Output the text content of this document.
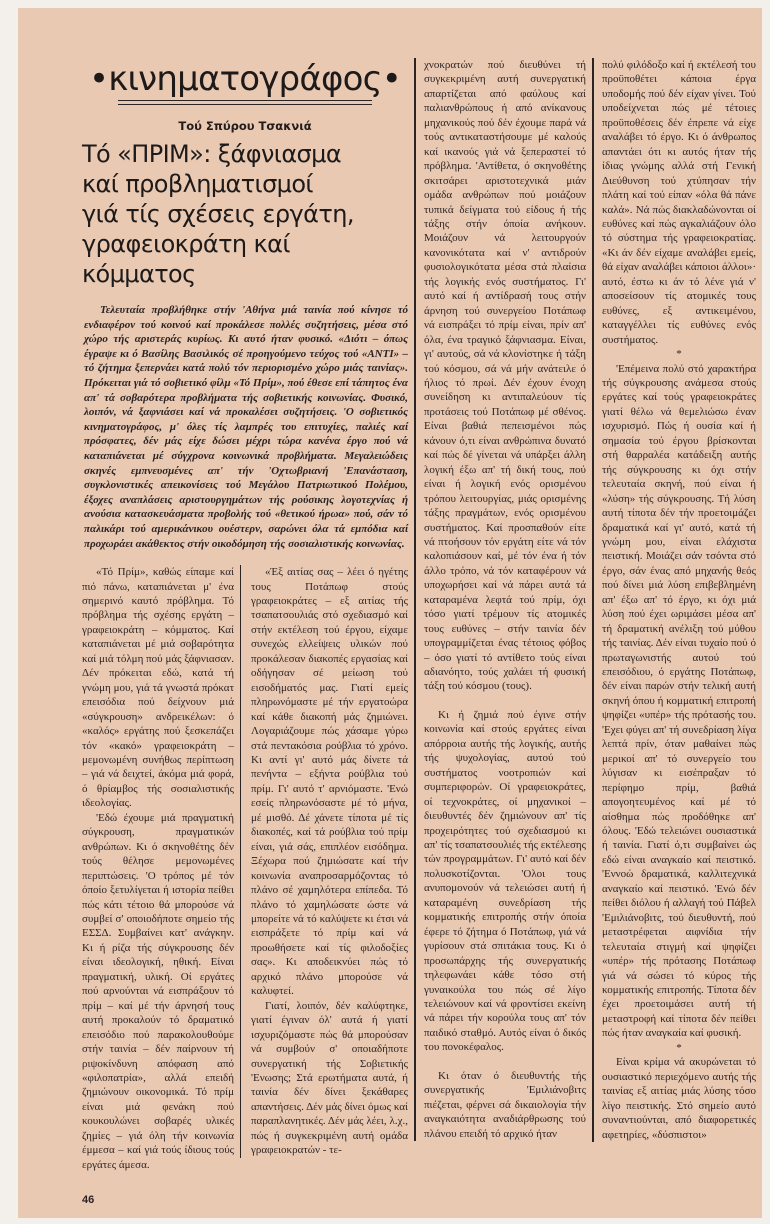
•κινηματογράφος•
Τού Σπύρου Τσακνιά
Τό «ΠΡΙΜ»: ξάφνιασμα
καί προβληματισμοί
γιά τίς σχέσεις εργάτη,
γραφειοκράτη καί κόμματος
Τελευταία προβλήθηκε στήν 'Αθήνα μιά ταινία πού κίνησε τό ενδιαφέρον τού κοινού καί προκάλεσε πολλές συζητήσεις, μέσα στό χώρο τής αριστεράς κυρίως. Κι αυτό ήταν φυσικό. «Διότι – όπως έγραψε κι ό Βασίλης Βασιλικός σέ προηγούμενο τεύχος τού «ΑΝΤΙ» – τό ζήτημα ξεπερνάει κατά πολύ τόν περιορισμένο χώρο μιάς ταινίας». Πρόκειται γιά τό σοβιετικό φίλμ «Τό Πρίμ», πού έθεσε επί τάπητος ένα απ' τά σοβαρότερα προβλήματα τής σοβιετικής κοινωνίας. Φυσικό, λοιπόν, νά ξαφνιάσει καί νά προκαλέσει συζητήσεις. 'Ο σοβιετικός κινηματογράφος, μ' όλες τίς λαμπρές του επιτυχίες, παλιές καί πρόσφατες, δέν μάς είχε δώσει μέχρι τώρα κανένα έργο πού νά καταπιάνεται μέ σύγχρονα κοινωνικά προβλήματα. Μεγαλειώδεις σκηνές εμπνευσμένες απ' τήν 'Οχτωβριανή 'Επανάσταση, συγκλονιστικές απεικονίσεις τού Μεγάλου Πατριωτικού Πολέμου, έξοχες αναπλάσεις αριστουργημάτων τής ρούσικης λογοτεχνίας ή ανούσια κατασκευάσματα προβολής τού «θετικού ήρωα» πού, σάν τό παλικάρι τού αμερικάνικου ουέστερν, σαρώνει όλα τά εμπόδια καί προχωράει ακάθεκτος στήν οικοδόμηση τής σοσιαλιστικής κοινωνίας.

«Τό Πρίμ», καθώς είπαμε καί πιό πάνω, καταπιάνεται μ' ένα σημερινό καυτό πρόβλημα. Τό πρόβλημα τής σχέσης εργάτη – γραφειοκράτη – κόμματος. Καί καταπιάνεται μέ μιά σοβαρότητα καί μιά τόλμη πού μάς ξάφνιασαν. Δέν πρόκειται εδώ, κατά τή γνώμη μου, γιά τά γνωστά πρόκατ επεισόδια πού δείχνουν μιά «σύγκρουση» ανδρεικέλων: ό «καλός» εργάτης πού ξεσκεπάζει τόν «κακό» γραφειοκράτη – μεμονωμένη συνήθως περίπτωση – γιά νά δειχτεί, άκόμα μιά φορά, ό θρίαμβος τής σοσιαλιστικής ιδεολογίας.

'Εδώ έχουμε μιά πραγματική σύγκρουση, πραγματικών ανθρώπων. Κι ό σκηνοθέτης δέν τούς θέλησε μεμονωμένες περιπτώσεις. 'Ο τρόπος μέ τόν όποίο ξετυλίγεται ή ιστορία πείθει πώς κάτι τέτοιο θά μπορούσε νά συμβεί σ' οποιοδήποτε σημείο τής ΕΣΣΔ. Συμβαίνει κατ' ανάγκην. Κι ή ρίζα τής σύγκρουσης δέν είναι ιδεολογική, ηθική. Είναι πραγματική, υλική. Οί εργάτες πού αρνούνται νά εισπράξουν τό πρίμ – καί μέ τήν άρνησή τους αυτή προκαλούν τό δραματικό επεισόδιο πού παρακολουθούμε στήν ταινία – δέν παίρνουν τή ριψοκίνδυνη απόφαση από «φιλοπατρία», αλλά επειδή ζημιώνουν οικονομικά. Τό πρίμ είναι μιά φενάκη πού κουκουλώνει σοβαρές υλικές ζημίες – γιά όλη τήν κοινωνία έμμεσα – καί γιά τούς ίδιους τούς εργάτες άμεσα.

«Έξ αιτίας σας – λέει ό ηγέτης τους Ποτάπωφ στούς γραφειοκράτες – εξ αιτίας τής τσαπατσουλιάς στό σχεδιασμό καί στήν εκτέλεση τού έργου, είχαμε συνεχώς ελλείψεις υλικών πού προκάλεσαν διακοπές εργασίας καί οδήγησαν σέ μείωση τού εισοδήματός μας. Γιατί εμείς πληρωνόμαστε μέ τήν εργατοώρα καί κάθε διακοπή μάς ζημιώνει. Λογαριάζουμε πώς χάσαμε γύρω στά πεντακόσια ρούβλια τό χρόνο. Κι αντί γι' αυτό μάς δίνετε τά πενήντα – εξήντα ρούβλια τού πρίμ. Γι' αυτό τ' αρνιόμαστε. 'Ενώ εσείς πληρωνόσαστε μέ τό μήνα, μέ μισθό. Δέ χάνετε τίποτα μέ τίς διακοπές, καί τά ρούβλια τού πρίμ είναι, γιά σάς, επιπλέον εισόδημα. Ξέχωρα πού ζημιώσατε καί τήν κοινωνία αναπροσαρμόζοντας τό πλάνο σέ χαμηλότερα επίπεδα. Τό πλάνο τό χαμηλώσατε ώστε νά μπορείτε νά τό καλύψετε κι έτσι νά εισπράξετε τό πρίμ καί νά προωθήσετε καί τίς φιλοδοξίες σας». Κι αποδεικνύει πώς τό αρχικό πλάνο μπορούσε νά καλυφτεί.

Γιατί, λοιπόν, δέν καλύφτηκε, γιατί έγιναν όλ' αυτά ή γιατί ισχυριζόμαστε πώς θά μπορούσαν νά συμβούν σ' οποιαδήποτε συνεργατική τής Σοβιετικής 'Ενωσης; Στά ερωτήματα αυτά, ή ταινία δέν δίνει ξεκάθαρες απαντήσεις. Δέν μάς δίνει όμως καί παραπλανητικές. Δέν μάς λέει, λ.χ., πώς ή συγκεκριμένη αυτή ομάδα γραφειοκρατών - τε-

46

χνοκρατών πού διευθύνει τή συγκεκριμένη αυτή συνεργατική απαρτίζεται από φαύλους καί παλιανθρώπους ή από ανίκανους μηχανικούς πού δέν έχουμε παρά νά τούς αντικαταστήσουμε μέ καλούς καί ικανούς γιά νά ξεπεραστεί τό πρόβλημα. 'Αντίθετα, ό σκηνοθέτης σκιτσάρει αριστοτεχνικά μιάν ομάδα ανθρώπων πού μοιάζουν τυπικά δείγματα τού είδους ή τής τάξης στήν όποία ανήκουν. Μοιάζουν νά λειτουργούν κανονικότατα καί ν' αντιδρούν φυσιολογικότατα μέσα στά πλαίσια τής λογικής ενός συστήματος. Γι' αυτό καί ή αντίδρασή τους στήν άρνηση τού συνεργείου Ποτάπωφ νά εισπράξει τό πρίμ είναι, πρίν απ' όλα, ένα τραγικό ξάφνιασμα. Είναι, γι' αυτούς, σά νά κλονίστηκε ή τάξη τού κόσμου, σά νά μήν ανάτειλε ό ήλιος τό πρωί. Δέν έχουν ένοχη συνείδηση κι αντιπαλεύουν τίς προτάσεις τού Ποτάπωφ μέ σθένος. Είναι βαθιά πεπεισμένοι πώς κάνουν ό,τι είναι ανθρώπινα δυνατό καί πώς δέ γίνεται νά υπάρξει άλλη λογική έξω απ' τή δική τους, πού είναι ή λογική ενός ορισμένου τρόπου λειτουργίας, μιάς ορισμένης τάξης πραγμάτων, ενός ορισμένου συστήματος. Καί προσπαθούν είτε νά πτοήσουν τόν εργάτη είτε νά τόν καλοπιάσουν καί, μέ τόν ένα ή τόν άλλο τρόπο, νά τόν καταφέρουν νά υποχωρήσει καί νά πάρει αυτά τά καταραμένα λεφτά τού πρίμ, όχι τόσο γιατί τρέμουν τίς ατομικές τους ευθύνες – στήν ταινία δέν υπογραμμίζεται ένας τέτοιος φόβος – όσο γιατί τό αντίθετο τούς είναι αδιανόητο, τούς χαλάει τή φυσική τάξη τού κόσμου (τους).

Κι ή ζημιά πού έγινε στήν κοινωνία καί στούς εργάτες είναι απόρροια αυτής τής λογικής, αυτής τής ψυχολογίας, αυτού τού συστήματος νοοτροπιών καί συμπεριφορών. Οί γραφειοκράτες, οί τεχνοκράτες, οί μηχανικοί – διευθυντές δέν ζημιώνουν απ' τίς προχειρότητες τού σχεδιασμού κι απ' τίς τσαπατσουλιές τής εκτέλεσης τών προγραμμάτων. Γι' αυτό καί δέν πολυσκοτίζονται. 'Ολοι τους ανυπομονούν νά τελειώσει αυτή ή καταραμένη συνεδρίαση τής κομματικής επιτροπής στήν όποία έφερε τό ζήτημα ό Ποτάπωφ, γιά νά γυρίσουν στά σπιτάκια τους. Κι ό προσωπάρχης τής συνεργατικής τηλεφωνάει κάθε τόσο στή γυναικούλα του πώς σέ λίγο τελειώνουν καί νά φροντίσει εκείνη νά πάρει τήν κορούλα τους απ' τόν παιδικό σταθμό. Αυτός είναι ό δικός του πονοκέφαλος.

Κι όταν ό διευθυντής τής συνεργατικής 'Εμιλιάνοβιτς πιέζεται, φέρνει σά δικαιολογία τήν αναγκαιότητα αναδιάρθρωσης τού πλάνου επειδή τό αρχικό ήταν

πολύ φιλόδοξο καί ή εκτέλεσή του προϋποθέτει κάποια έργα υποδομής πού δέν είχαν γίνει. Τού υποδείχνεται πώς μέ τέτοιες προϋποθέσεις δέν έπρεπε νά είχε αναλάβει τό έργο. Κι ό άνθρωπος απαντάει ότι κι αυτός ήταν τής ίδιας γνώμης αλλά στή Γενική Διεύθυνση τού χτύπησαν τήν πλάτη καί τού είπαν «όλα θά πάνε καλά». Νά πώς διακλαδώνονται οί ευθύνες καί πώς αγκαλιάζουν όλο τό σύστημα τής γραφειοκρατίας. «Κι άν δέν είχαμε αναλάβει εμείς, θά είχαν αναλάβει κάποιοι άλλοι»· αυτό, έστω κι άν τό λένε γιά ν' αποσείσουν τίς ατομικές τους ευθύνες, εξ αντικειμένου, καταγγέλλει τίς ευθύνες ενός συστήματος.

*

'Επέμεινα πολύ στό χαρακτήρα τής σύγκρουσης ανάμεσα στούς εργάτες καί τούς γραφειοκράτες γιατί θέλω νά θεμελιώσω έναν ισχυρισμό. Πώς ή ουσία καί ή σημασία τού έργου βρίσκονται στή θαρραλέα κατάδειξη αυτής τής σύγκρουσης κι όχι στήν τελευταία σκηνή, πού είναι ή «λύση» τής σύγκρουσης. Τή λύση αυτή τίποτα δέν τήν προετοιμάζει δραματικά καί γι' αυτό, κατά τή γνώμη μου, είναι ελάχιστα πειστική. Μοιάζει σάν τσόντα στό έργο, σάν ένας από μηχανής θεός πού δίνει μιά λύση επιβεβλημένη απ' έξω απ' τό έργο, κι όχι μιά λύση πού έχει ωριμάσει μέσα απ' τή δραματική ανέλιξη τού μύθου τής ταινίας. Δέν είναι τυχαίο πού ό πρωταγωνιστής αυτού τού επεισόδιου, ό εργάτης Ποτάπωφ, δέν είναι παρών στήν τελική αυτή σκηνή όπου ή κομματική επιτροπή ψηφίζει «υπέρ» τής πρότασής του. 'Εχει φύγει απ' τή συνεδρίαση λίγα λεπτά πρίν, όταν μαθαίνει πώς μερικοί απ' τό συνεργείο του λύγισαν κι εισέπραξαν τό περίφημο πρίμ, βαθιά απογοητευμένος καί μέ τό αίσθημα πώς προδόθηκε απ' όλους. 'Εδώ τελειώνει ουσιαστικά ή ταινία. Γιατί ό,τι συμβαίνει ώς εδώ είναι αναγκαίο καί πειστικό. 'Εννοώ δραματικά, καλλιτεχνικά αναγκαίο καί πειστικό. 'Ενώ δέν πείθει διόλου ή αλλαγή τού Πάβελ 'Εμιλιάνοβιτς, τού διευθυντή, πού μεταστρέφεται αιφνίδια τήν τελευταία στιγμή καί ψηφίζει «υπέρ» τής πρότασης Ποτάπωφ γιά νά σώσει τό κύρος τής κομματικής επιτροπής. Τίποτα δέν έχει προετοιμάσει αυτή τή μεταστροφή καί τίποτα δέν πείθει πώς ήταν αναγκαία καί φυσική.

*

Είναι κρίμα νά ακυρώνεται τό ουσιαστικό περιεχόμενο αυτής τής ταινίας εξ αιτίας μιάς λύσης τόσο λίγο πειστικής. Στό σημείο αυτό συναντιούνται, από διαφορετικές αφετηρίες, «δύσπιστοι»
